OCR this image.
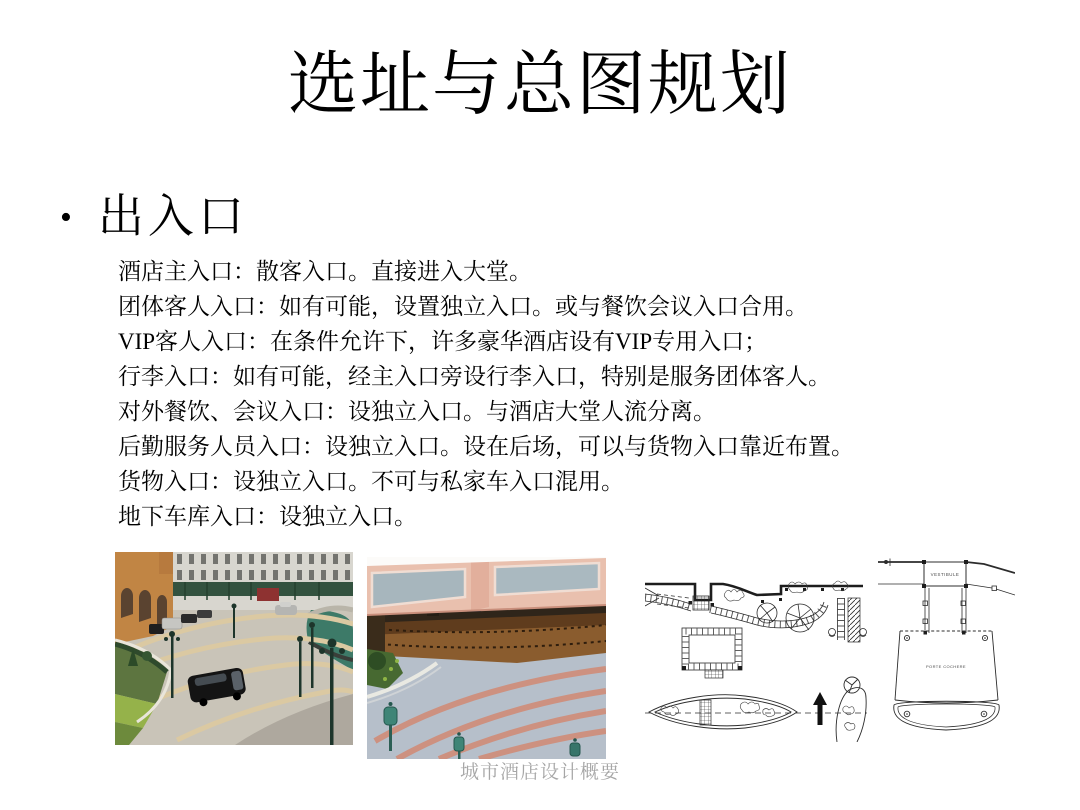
选址与总图规划
• 出入口
酒店主入口：散客入口。直接进入大堂。
团体客人入口：如有可能，设置独立入口。或与餐饮会议入口合用。
VIP客人入口：在条件允许下，许多豪华酒店设有VIP专用入口；
行李入口：如有可能，经主入口旁设行李入口，特别是服务团体客人。
对外餐饮、会议入口：设独立入口。与酒店大堂人流分离。
后勤服务人员入口：设独立入口。设在后场，可以与货物入口靠近布置。
货物入口：设独立入口。不可与私家车入口混用。
地下车库入口：设独立入口。
VESTIBULE
PORTE COCHERE
城市酒店设计概要
